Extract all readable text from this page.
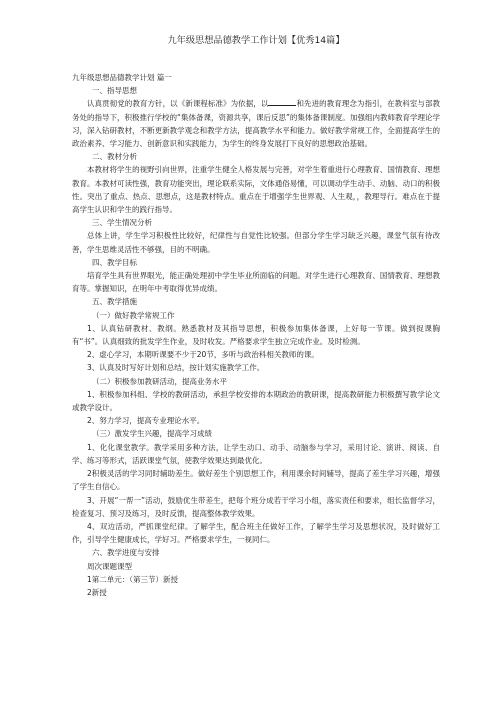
九年级思想品德教学工作计划【优秀14篇】

九年级思想品德教学计划 篇一

一、指导思想

认真贯彻党的教育方针，以《新课程标准》为依据，以	和先进的教育理念为指引，在教科室与部教务处的指导下，积极推行学校的“集体备课，资源共享，课后反思”的集体备课制度。加强组内教师教育学理论学习，深入钻研教材，不断更新教学观念和教学方法，提高教学水平和能力。做好教学常规工作，全面提高学生的政治素养、学习能力、创新意识和实践能力，为学生的终身发展打下良好的思想政治基础。

二、教材分析

本教材将学生的视野引向世界，注重学生健全人格发展与完善，对学生着重进行心理教育、国情教育、理想教育。本教材可读性强，教育功能突出，理论联系实际，文体通俗易懂，可以调动学生动手、动脑、动口的积极性。突出了重点、热点、思想点，这是教材特点。重点在于增强学生世界观、人生观，，教理导行。难点在于提高学生认识和学生的践行指导。

三、学生情况分析

总体上讲，学生学习积极性比较好，纪律性与自觉性比较强。但部分学生学习缺乏兴趣，课堂气氛有待改善，学生思维灵活性不够强，目的不明确。

四、教学目标

培育学生具有世界眼光，能正确处理初中学生毕业所面临的问题。对学生进行心理教育、国情教育、理想教育等。掌握知识，在明年中考取得优异成绩。

五、教学措施

（一）做好教学常规工作

1、认真钻研教材、教纲。熟悉教材及其指导思想，积极参加集体备课，上好每一节课。做到捉课胸有“书”。认真细致的批发学生作业，及时收发。严格要求学生独立完成作业。及时检测。

2、虚心学习，本期听课要不少于20节，多听与政治科相关教师的课。

3、认真及时写好计划和总结，按计划实施教学工作。

（二）积极参加教研活动，提高业务水平

1、积极参加科组、学校的教研活动，承担学校安排的本期政治的教研课，提高教研能力积极撰写教学论文或教学设计。

2、努力学习，提高专业理论水平。

（三）激发学生兴趣，提高学习成绩

1、化化课堂教学。教学采用多种方法，让学生动口、动手、动脑参与学习，采用讨论、演讲、阅读、自学、练习等形式，活跃课堂气氛，使教学效果达到最优化。

2积极灵活的学习同时辅助差生。做好差生个别思想工作，利用课余时间辅导，提高了差生学习兴趣，增强了学生自信心。

3、开展“一帮一”活动，鼓励优生带差生，把每个班分成若干学习小组，落实责任和要求，组长监督学习，检查复习、预习及练习，及时反馈，提高整体教学效果。

4、双边活动，严抓课堂纪律。了解学生，配合班主任做好工作，了解学生学习及思想状况，及时做好工作，引导学生健康成长，学好习。严格要求学生，一视同仁。

六、教学进度与安排

周次课题课型

1第二单元：（第三节）新授

2新授
